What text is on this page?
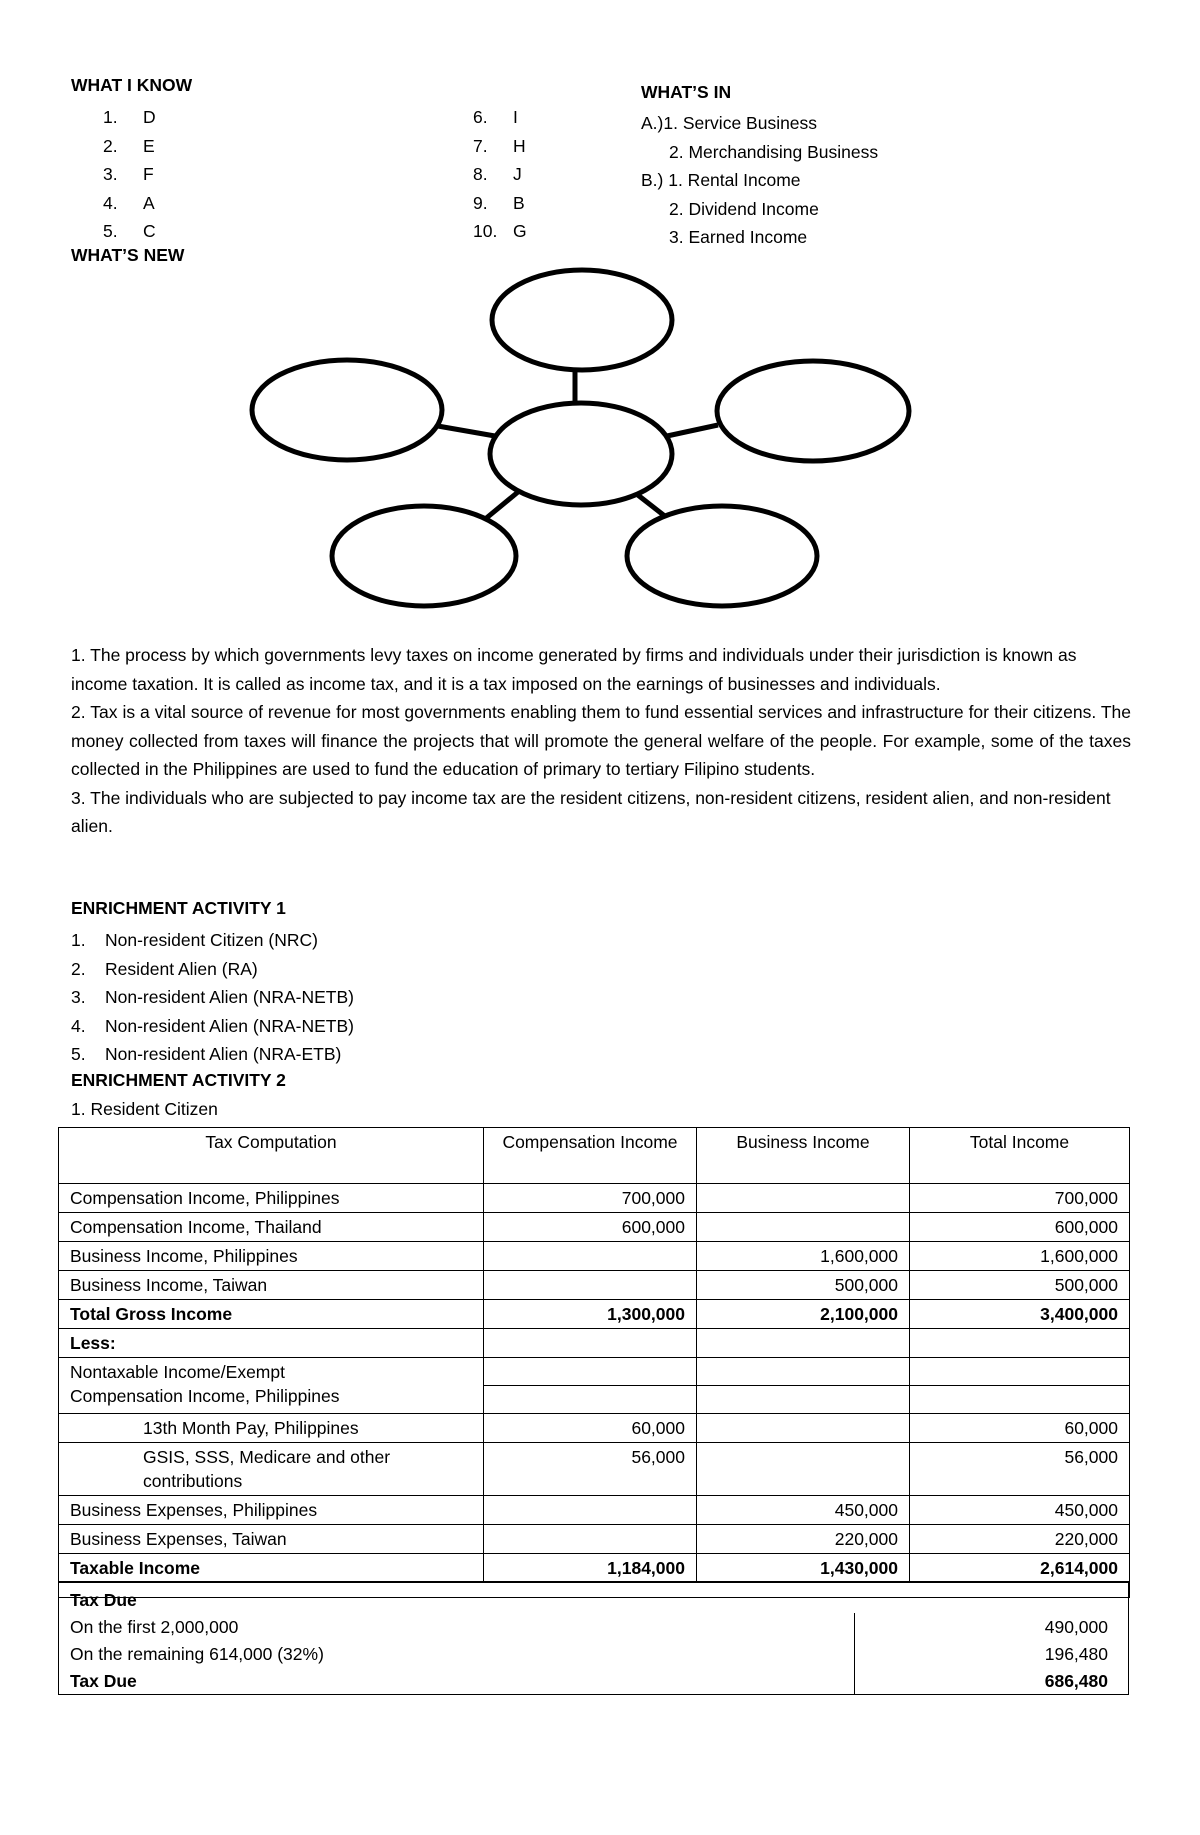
WHAT I KNOW
1. D
2. E
3. F
4. A
5. C
6. I
7. H
8. J
9. B
10. G
WHAT’S NEW
WHAT’S IN
A.)1. Service Business
2. Merchandising Business
B.) 1. Rental Income
2. Dividend Income
3. Earned Income

1. The process by which governments levy taxes on income generated by firms and individuals under their jurisdiction is known as income taxation. It is called as income tax, and it is a tax imposed on the earnings of businesses and individuals.

2. Tax is a vital source of revenue for most governments enabling them to fund essential services and infrastructure for their citizens. The money collected from taxes will finance the projects that will promote the general welfare of the people. For example, some of the taxes collected in the Philippines are used to fund the education of primary to tertiary Filipino students.

3. The individuals who are subjected to pay income tax are the resident citizens, non-resident citizens, resident alien, and non-resident alien.

ENRICHMENT ACTIVITY 1
1. Non-resident Citizen (NRC)
2. Resident Alien (RA)
3. Non-resident Alien (NRA-NETB)
4. Non-resident Alien (NRA-NETB)
5. Non-resident Alien (NRA-ETB)
ENRICHMENT ACTIVITY 2
1. Resident Citizen
Tax Computation	Compensation Income	Business Income	Total Income
Compensation Income, Philippines	700,000		700,000
Compensation Income, Thailand	600,000		600,000
Business Income, Philippines		1,600,000	1,600,000
Business Income, Taiwan		500,000	500,000
Total Gross Income	1,300,000	2,100,000	3,400,000
Less:			

Nontaxable Income/Exempt
Compensation Income, Philippines			

13th Month Pay, Philippines	60,000		60,000
GSIS, SSS, Medicare and other contributions	56,000		56,000
Business Expenses, Philippines		450,000	450,000
Business Expenses, Taiwan		220,000	220,000
Taxable Income	1,184,000	1,430,000	2,614,000

Tax Due	
On the first 2,000,000	490,000
On the remaining 614,000 (32%)	196,480
Tax Due	686,480
